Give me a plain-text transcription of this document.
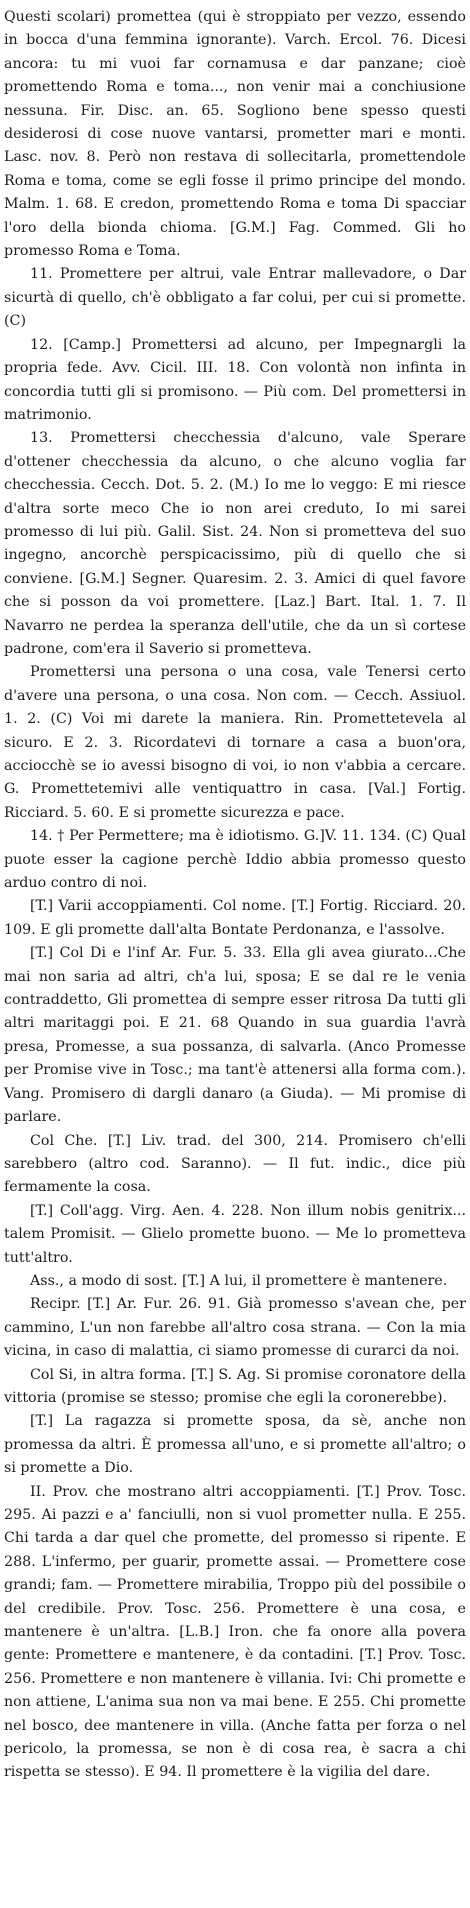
Questi scolari) promettea (qui è stroppiato per vezzo, essendo in bocca d'una femmina ignorante). Varch. Ercol. 76. Dicesi ancora: tu mi vuoi far cornamusa e dar panzane; cioè promettendo Roma e toma..., non venir mai a conchiusione nessuna. Fir. Disc. an. 65. Sogliono bene spesso questi desiderosi di cose nuove vantarsi, prometter mari e monti. Lasc. nov. 8. Però non restava di sollecitarla, promettendole Roma e toma, come se egli fosse il primo principe del mondo. Malm. 1. 68. E credon, promettendo Roma e toma Di spacciar l'oro della bionda chioma. [G.M.] Fag. Commed. Gli ho promesso Roma e Toma.

11. Promettere per altrui, vale Entrar mallevadore, o Dar sicurtà di quello, ch'è obbligato a far colui, per cui si promette. (C)

12. [Camp.] Promettersi ad alcuno, per Impegnargli la propria fede. Avv. Cicil. III. 18. Con volontà non infinta in concordia tutti gli si promisono. — Più com. Del promettersi in matrimonio.

13. Promettersi checchessia d'alcuno, vale Sperare d'ottener checchessia da alcuno, o che alcuno voglia far checchessia. Cecch. Dot. 5. 2. (M.) Io me lo veggo: E mi riesce d'altra sorte meco Che io non arei creduto, Io mi sarei promesso di lui più. Galil. Sist. 24. Non si prometteva del suo ingegno, ancorchè perspicacissimo, più di quello che si conviene. [G.M.] Segner. Quaresim. 2. 3. Amici di quel favore che si posson da voi promettere. [Laz.] Bart. Ital. 1. 7. Il Navarro ne perdea la speranza dell'utile, che da un sì cortese padrone, com'era il Saverio si prometteva.

Promettersi una persona o una cosa, vale Tenersi certo d'avere una persona, o una cosa. Non com. — Cecch. Assiuol. 1. 2. (C) Voi mi darete la maniera. Rin. Promettetevela al sicuro. E 2. 3. Ricordatevi di tornare a casa a buon'ora, acciocchè se io avessi bisogno di voi, io non v'abbia a cercare. G. Promettetemivi alle ventiquattro in casa. [Val.] Fortig. Ricciard. 5. 60. E si promette sicurezza e pace.

14. † Per Permettere; ma è idiotismo. G.]V. 11. 134. (C) Qual puote esser la cagione perchè Iddio abbia promesso questo arduo contro di noi.

[T.] Varii accoppiamenti. Col nome. [T.] Fortig. Ricciard. 20. 109. E gli promette dall'alta Bontate Perdonanza, e l'assolve.

[T.] Col Di e l'inf Ar. Fur. 5. 33. Ella gli avea giurato...Che mai non saria ad altri, ch'a lui, sposa; E se dal re le venia contraddetto, Gli promettea di sempre esser ritrosa Da tutti gli altri maritaggi poi. E 21. 68 Quando in sua guardia l'avrà presa, Promesse, a sua possanza, di salvarla. (Anco Promesse per Promise vive in Tosc.; ma tant'è attenersi alla forma com.). Vang. Promisero di dargli danaro (a Giuda). — Mi promise di parlare.

Col Che. [T.] Liv. trad. del 300, 214. Promisero ch'elli sarebbero (altro cod. Saranno). — Il fut. indic., dice più fermamente la cosa.

[T.] Coll'agg. Virg. Aen. 4. 228. Non illum nobis genitrix... talem Promisit. — Glielo promette buono. — Me lo prometteva tutt'altro.

Ass., a modo di sost. [T.] A lui, il promettere è mantenere.

Recipr. [T.] Ar. Fur. 26. 91. Già promesso s'avean che, per cammino, L'un non farebbe all'altro cosa strana. — Con la mia vicina, in caso di malattia, ci siamo promesse di curarci da noi.

Col Si, in altra forma. [T.] S. Ag. Si promise coronatore della vittoria (promise se stesso; promise che egli la coronerebbe).

[T.] La ragazza si promette sposa, da sè, anche non promessa da altri. È promessa all'uno, e si promette all'altro; o si promette a Dio.

II. Prov. che mostrano altri accoppiamenti. [T.] Prov. Tosc. 295. Ai pazzi e a' fanciulli, non si vuol prometter nulla. E 255. Chi tarda a dar quel che promette, del promesso si ripente. E 288. L'infermo, per guarir, promette assai. — Promettere cose grandi; fam. — Promettere mirabilia, Troppo più del possibile o del credibile. Prov. Tosc. 256. Promettere è una cosa, e mantenere è un'altra. [L.B.] Iron. che fa onore alla povera gente: Promettere e mantenere, è da contadini. [T.] Prov. Tosc. 256. Promettere e non mantenere è villania. Ivi: Chi promette e non attiene, L'anima sua non va mai bene. E 255. Chi promette nel bosco, dee mantenere in villa. (Anche fatta per forza o nel pericolo, la promessa, se non è di cosa rea, è sacra a chi rispetta se stesso). E 94. Il promettere è la vigilia del dare.
